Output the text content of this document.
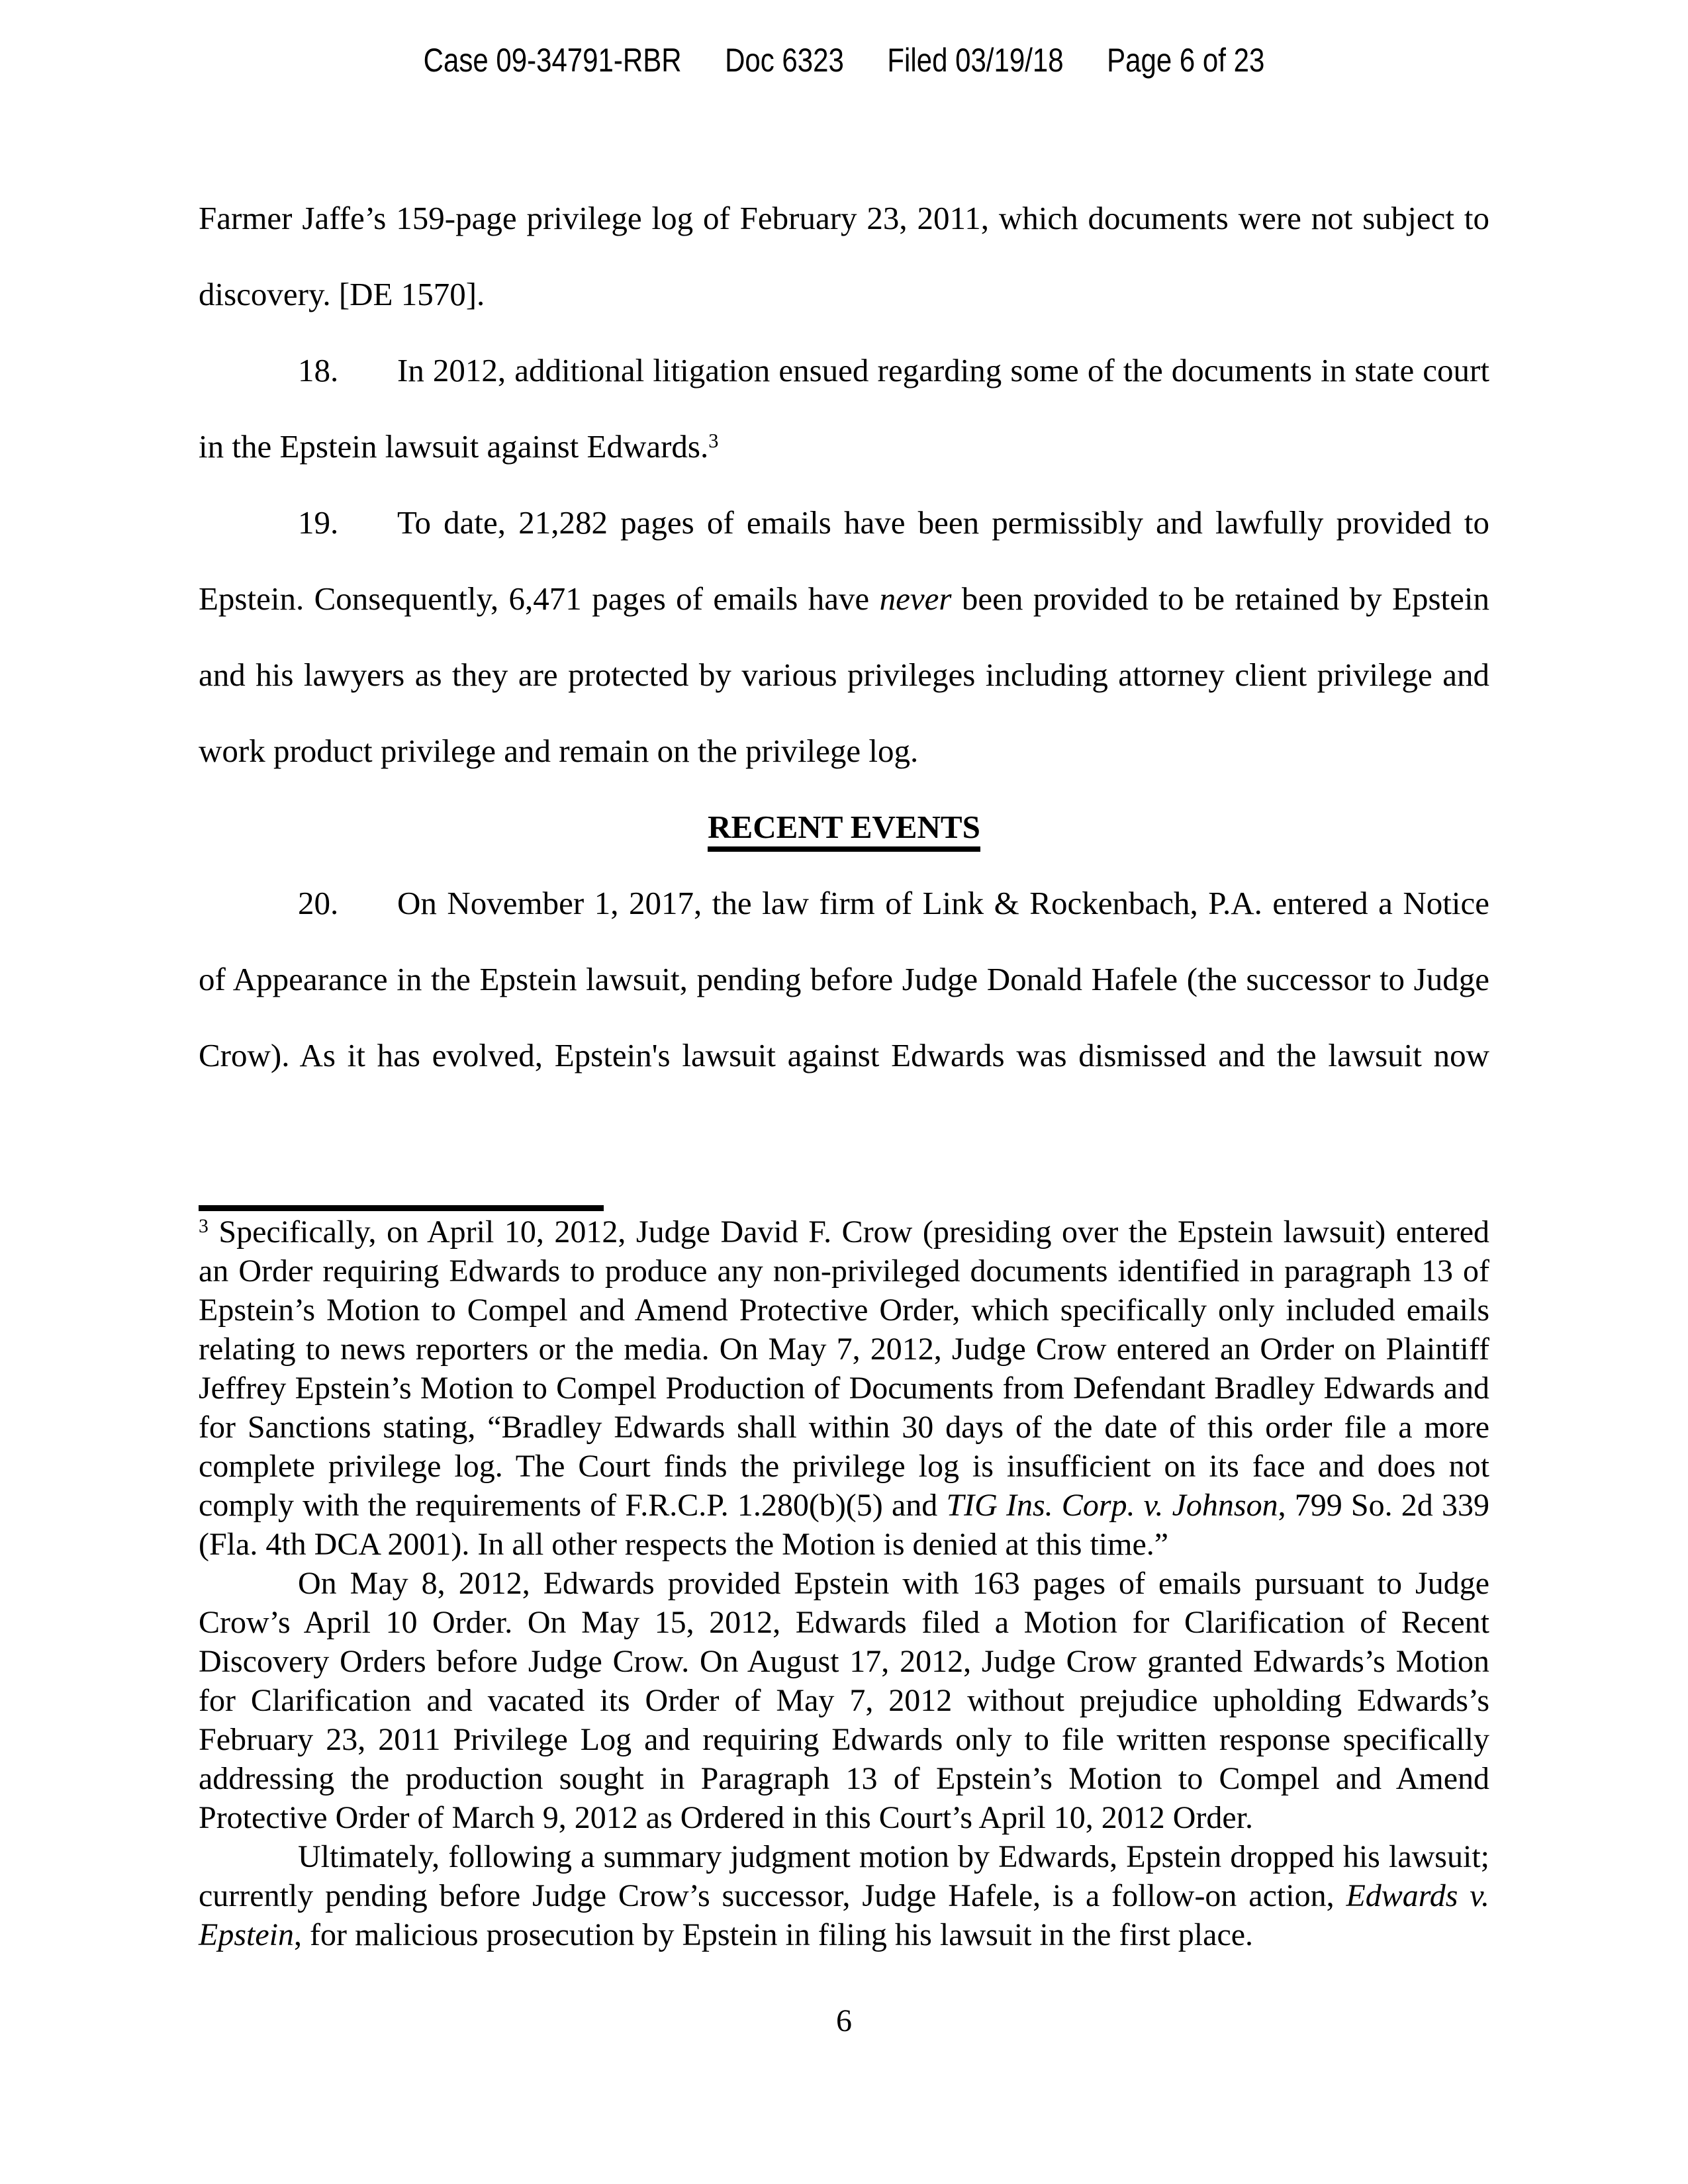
Case 09-34791-RBR Doc 6323 Filed 03/19/18 Page 6 of 23

Farmer Jaffe’s 159-page privilege log of February 23, 2011, which documents were not subject to discovery. [DE 1570].

18. In 2012, additional litigation ensued regarding some of the documents in state court in the Epstein lawsuit against Edwards.$^3$

19. To date, 21,282 pages of emails have been permissibly and lawfully provided to Epstein. Consequently, 6,471 pages of emails have never been provided to be retained by Epstein and his lawyers as they are protected by various privileges including attorney client privilege and work product privilege and remain on the privilege log.

RECENT EVENTS

20. On November 1, 2017, the law firm of Link & Rockenbach, P.A. entered a Notice of Appearance in the Epstein lawsuit, pending before Judge Donald Hafele (the successor to Judge Crow). As it has evolved, Epstein's lawsuit against Edwards was dismissed and the lawsuit now

$^3$ Specifically, on April 10, 2012, Judge David F. Crow (presiding over the Epstein lawsuit) entered an Order requiring Edwards to produce any non-privileged documents identified in paragraph 13 of Epstein’s Motion to Compel and Amend Protective Order, which specifically only included emails relating to news reporters or the media. On May 7, 2012, Judge Crow entered an Order on Plaintiff Jeffrey Epstein’s Motion to Compel Production of Documents from Defendant Bradley Edwards and for Sanctions stating, “Bradley Edwards shall within 30 days of the date of this order file a more complete privilege log. The Court finds the privilege log is insufficient on its face and does not comply with the requirements of F.R.C.P. 1.280(b)(5) and TIG Ins. Corp. v. Johnson, 799 So. 2d 339 (Fla. 4th DCA 2001). In all other respects the Motion is denied at this time.”

On May 8, 2012, Edwards provided Epstein with 163 pages of emails pursuant to Judge Crow’s April 10 Order. On May 15, 2012, Edwards filed a Motion for Clarification of Recent Discovery Orders before Judge Crow. On August 17, 2012, Judge Crow granted Edwards’s Motion for Clarification and vacated its Order of May 7, 2012 without prejudice upholding Edwards’s February 23, 2011 Privilege Log and requiring Edwards only to file written response specifically addressing the production sought in Paragraph 13 of Epstein’s Motion to Compel and Amend Protective Order of March 9, 2012 as Ordered in this Court’s April 10, 2012 Order.

Ultimately, following a summary judgment motion by Edwards, Epstein dropped his lawsuit; currently pending before Judge Crow’s successor, Judge Hafele, is a follow-on action, Edwards v. Epstein, for malicious prosecution by Epstein in filing his lawsuit in the first place.

6
